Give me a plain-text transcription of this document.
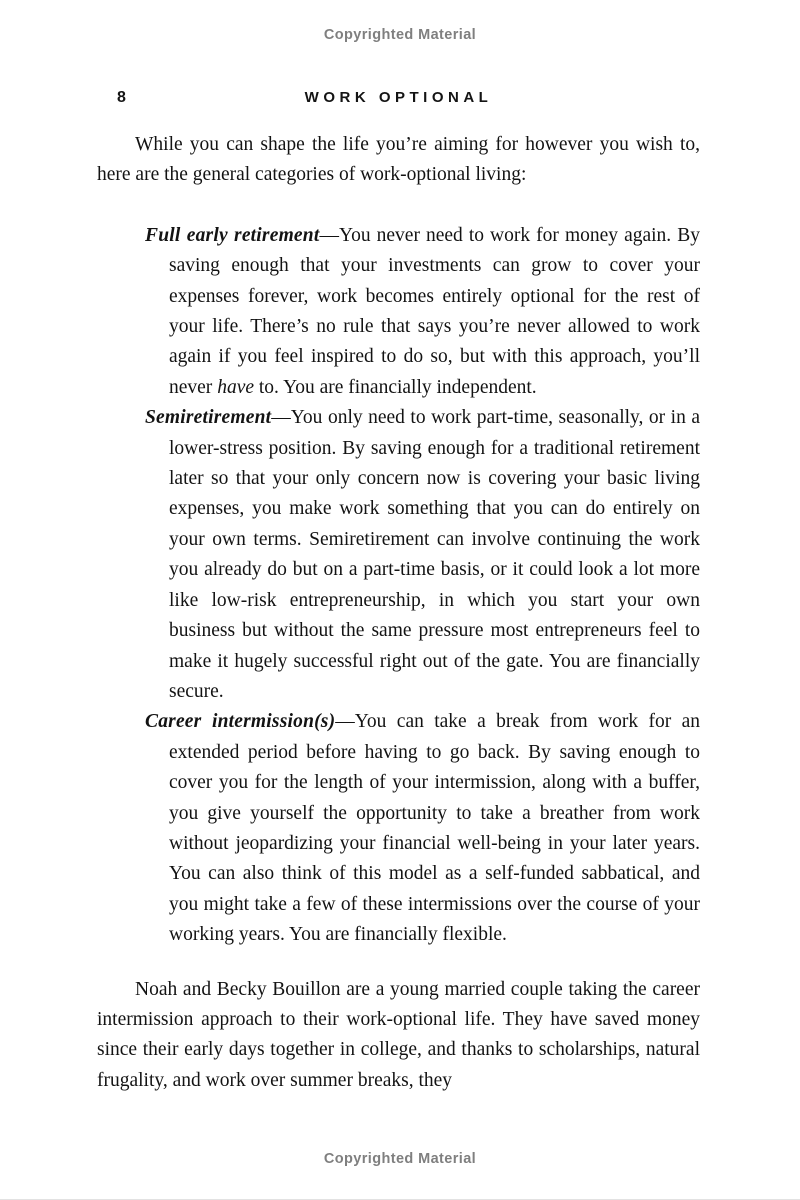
Copyrighted Material
8	WORK OPTIONAL

While you can shape the life you’re aiming for however you wish to, here are the general categories of work-optional living:

Full early retirement—You never need to work for money again. By saving enough that your investments can grow to cover your expenses forever, work becomes entirely optional for the rest of your life. There’s no rule that says you’re never allowed to work again if you feel inspired to do so, but with this approach, you’ll never have to. You are financially independent.

Semiretirement—You only need to work part-time, seasonally, or in a lower-stress position. By saving enough for a traditional retirement later so that your only concern now is covering your basic living expenses, you make work something that you can do entirely on your own terms. Semiretirement can involve continuing the work you already do but on a part-time basis, or it could look a lot more like low-risk entrepreneurship, in which you start your own business but without the same pressure most entrepreneurs feel to make it hugely successful right out of the gate. You are financially secure.

Career intermission(s)—You can take a break from work for an extended period before having to go back. By saving enough to cover you for the length of your intermission, along with a buffer, you give yourself the opportunity to take a breather from work without jeopardizing your financial well-being in your later years. You can also think of this model as a self-funded sabbatical, and you might take a few of these intermissions over the course of your working years. You are financially flexible.

Noah and Becky Bouillon are a young married couple taking the career intermission approach to their work-optional life. They have saved money since their early days together in college, and thanks to scholarships, natural frugality, and work over summer breaks, they

Copyrighted Material
